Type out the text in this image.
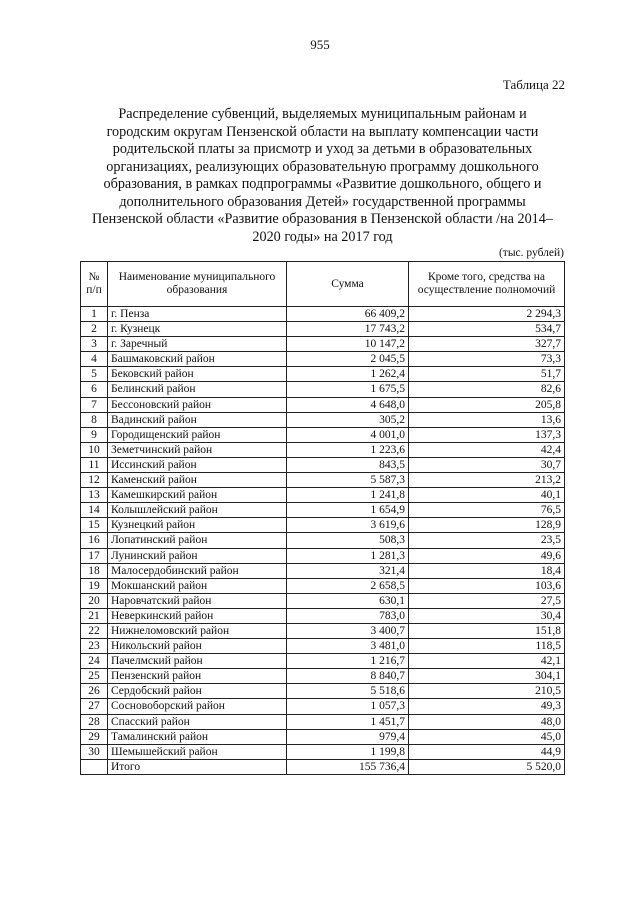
955
Таблица 22

Распределение субвенций, выделяемых муниципальным районам и городским округам Пензенской области на выплату компенсации части родительской платы за присмотр и уход за детьми в образовательных организациях, реализующих образовательную программу дошкольного образования, в рамках подпрограммы «Развитие дошкольного, общего и дополнительного образования Детей» государственной программы Пензенской области «Развитие образования в Пензенской области /на 2014–2020 годы» на 2017 год

(тыс. рублей)
№ п/п	Наименование муниципального образования	Сумма	Кроме того, средства на осуществление полномочий
1	г. Пенза	66 409,2	2 294,3
2	г. Кузнецк	17 743,2	534,7
3	г. Заречный	10 147,2	327,7
4	Башмаковский район	2 045,5	73,3
5	Бековский район	1 262,4	51,7
6	Белинский район	1 675,5	82,6
7	Бессоновский район	4 648,0	205,8
8	Вадинский район	305,2	13,6
9	Городищенский район	4 001,0	137,3
10	Земетчинский район	1 223,6	42,4
11	Иссинский район	843,5	30,7
12	Каменский район	5 587,3	213,2
13	Камешкирский район	1 241,8	40,1
14	Колышлейский район	1 654,9	76,5
15	Кузнецкий район	3 619,6	128,9
16	Лопатинский район	508,3	23,5
17	Лунинский район	1 281,3	49,6
18	Малосердобинский район	321,4	18,4
19	Мокшанский район	2 658,5	103,6
20	Наровчатский район	630,1	27,5
21	Неверкинский район	783,0	30,4
22	Нижнеломовский район	3 400,7	151,8
23	Никольский район	3 481,0	118,5
24	Пачелмский район	1 216,7	42,1
25	Пензенский район	8 840,7	304,1
26	Сердобский район	5 518,6	210,5
27	Сосновоборский район	1 057,3	49,3
28	Спасский район	1 451,7	48,0
29	Тамалинский район	979,4	45,0
30	Шемышейский район	1 199,8	44,9
	Итого	155 736,4	5 520,0
